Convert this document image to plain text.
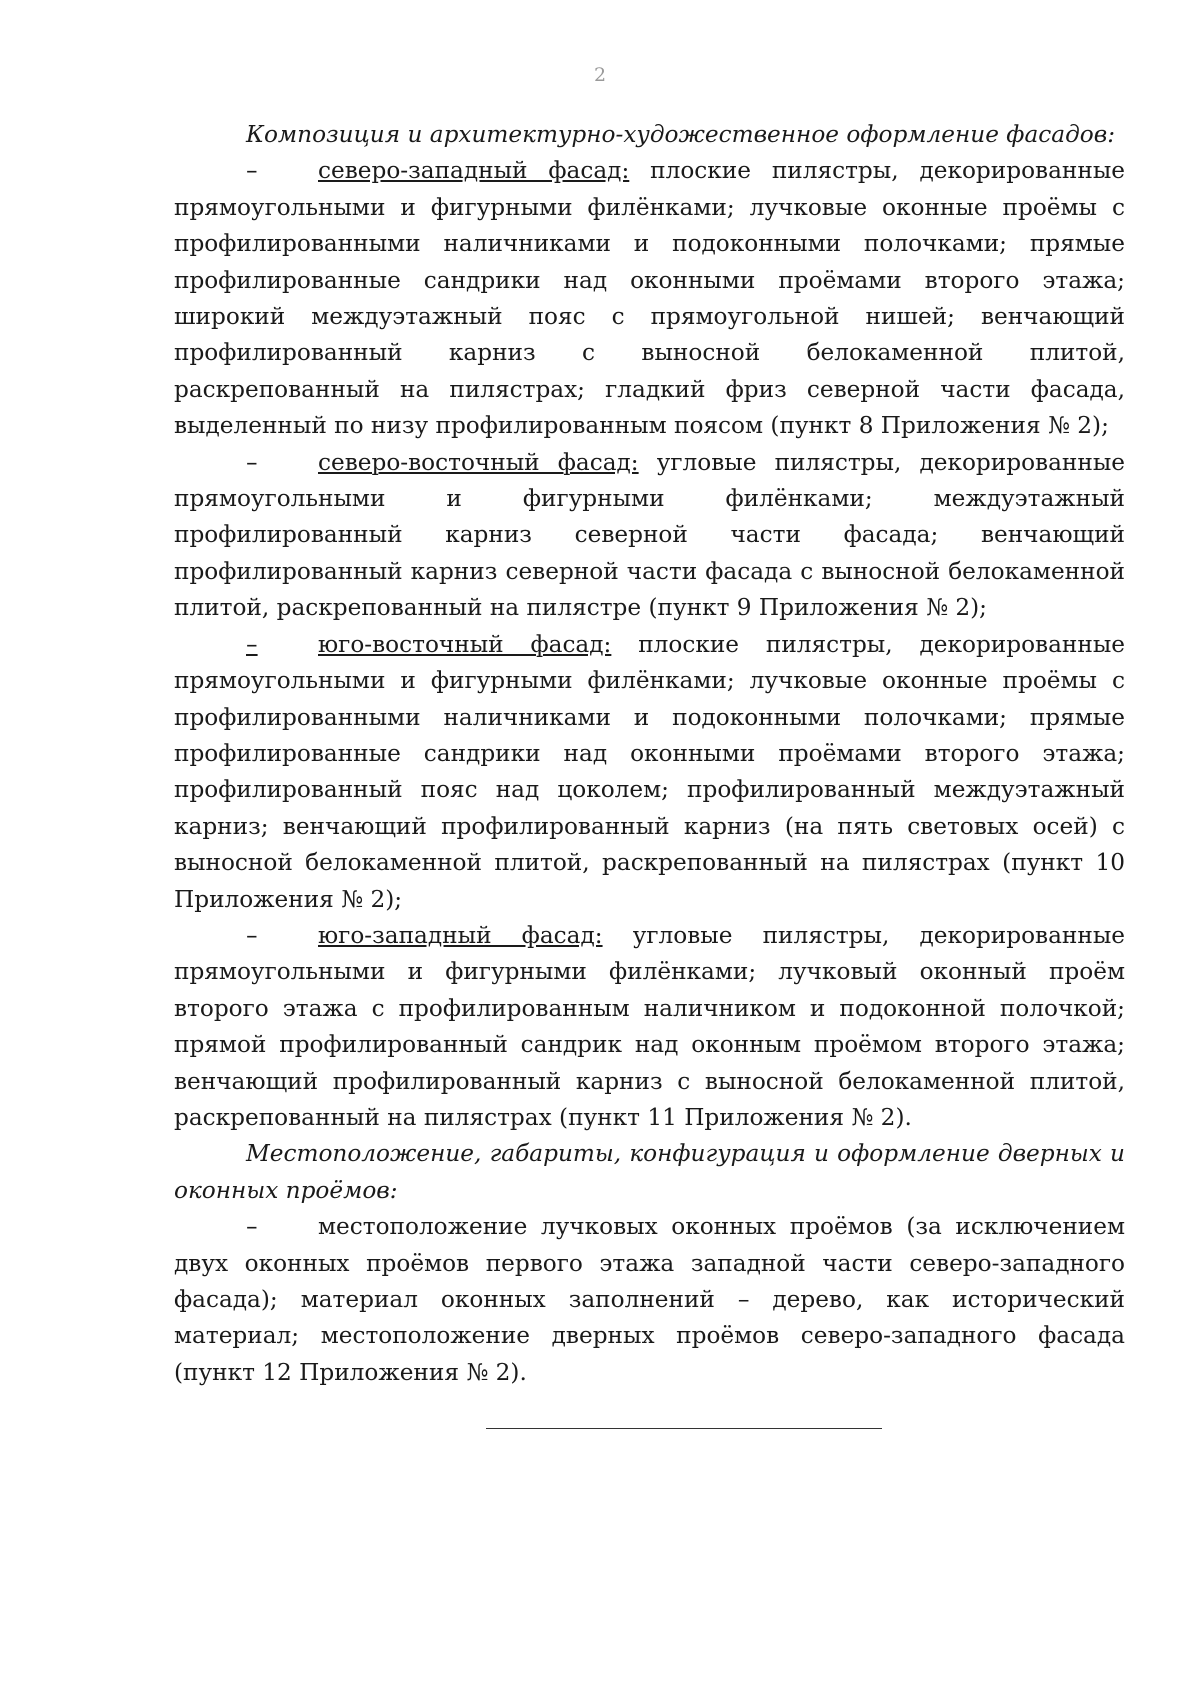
2

Композиция и архитектурно-художественное оформление фасадов:

–	северо-западный фасад: плоские пилястры, декорированные прямоугольными и фигурными филёнками; лучковые оконные проёмы с профилированными наличниками и подоконными полочками; прямые профилированные сандрики над оконными проёмами второго этажа; широкий междуэтажный пояс с прямоугольной нишей; венчающий профилированный карниз с выносной белокаменной плитой, раскрепованный на пилястрах; гладкий фриз северной части фасада, выделенный по низу профилированным поясом (пункт 8 Приложения № 2);

–	северо-восточный фасад: угловые пилястры, декорированные прямоугольными и фигурными филёнками; междуэтажный профилированный карниз северной части фасада; венчающий профилированный карниз северной части фасада с выносной белокаменной плитой, раскрепованный на пилястре (пункт 9 Приложения № 2);

–	юго-восточный фасад: плоские пилястры, декорированные прямоугольными и фигурными филёнками; лучковые оконные проёмы с профилированными наличниками и подоконными полочками; прямые профилированные сандрики над оконными проёмами второго этажа; профилированный пояс над цоколем; профилированный междуэтажный карниз; венчающий профилированный карниз (на пять световых осей) с выносной белокаменной плитой, раскрепованный на пилястрах (пункт 10 Приложения № 2);

–	юго-западный фасад: угловые пилястры, декорированные прямоугольными и фигурными филёнками; лучковый оконный проём второго этажа с профилированным наличником и подоконной полочкой; прямой профилированный сандрик над оконным проёмом второго этажа; венчающий профилированный карниз с выносной белокаменной плитой, раскрепованный на пилястрах (пункт 11 Приложения № 2).

Местоположение, габариты, конфигурация и оформление дверных и оконных проёмов:

–	местоположение лучковых оконных проёмов (за исключением двух оконных проёмов первого этажа западной части северо-западного фасада); материал оконных заполнений – дерево, как исторический материал; местоположение дверных проёмов северо-западного фасада (пункт 12 Приложения № 2).
